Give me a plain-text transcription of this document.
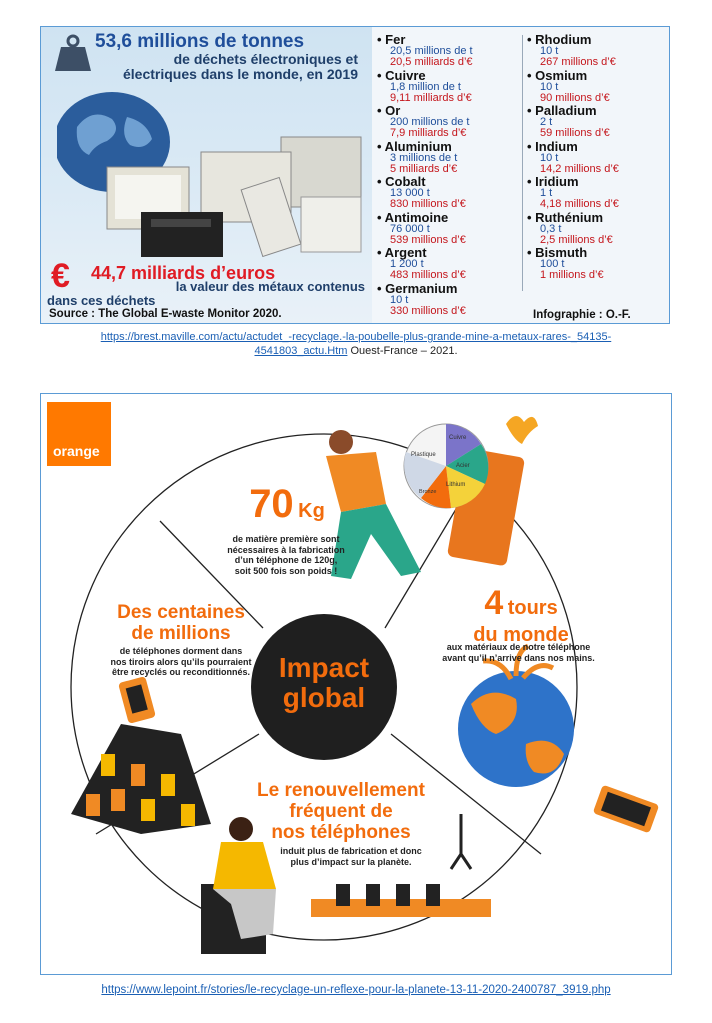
53,6 millions de tonnes
de déchets électroniques et
électriques dans le monde, en 2019
€ 44,7 milliards d’euros
la valeur des métaux contenus
dans ces déchets
Source : The Global E-waste Monitor 2020.
• Fer
20,5 millions de t
20,5 milliards d’€
• Cuivre
1,8 million de t
9,11 milliards d’€
• Or
200 millions de t
7,9 milliards d’€
• Aluminium
3 millions de t
5 milliards d’€
• Cobalt
13 000 t
830 millions d’€
• Antimoine
76 000 t
539 millions d’€
• Argent
1 200 t
483 millions d’€
• Germanium
10 t
330 millions d’€
• Rhodium
10 t
267 millions d’€
• Osmium
10 t
90 millions d’€
• Palladium
2 t
59 millions d’€
• Indium
10 t
14,2 millions d’€
• Iridium
1 t
4,18 millions d’€
• Ruthénium
0,3 t
2,5 millions d’€
• Bismuth
100 t
1 millions d’€
Infographie : O.-F.
https://brest.maville.com/actu/actudet_-recyclage.-la-poubelle-plus-grande-mine-a-metaux-rares-_54135-
4541803_actu.Htm Ouest-France – 2021.
orange	Plastique
Cuivre
Acier
Lithium
Bronze
70 Kg
de matière première sont
nécessaires à la fabrication
d’un téléphone de 120g,
soit 500 fois son poids !
Des centaines
de millions
de téléphones dorment dans
nos tiroirs alors qu’ils pourraient
être recyclés ou reconditionnés.
4 tours
du monde
aux matériaux de notre téléphone
avant qu’il n’arrive dans nos mains.
Impact
global
Le renouvellement
fréquent de
nos téléphones
induit plus de fabrication et donc
plus d’impact sur la planète.
https://www.lepoint.fr/stories/le-recyclage-un-reflexe-pour-la-planete-13-11-2020-2400787_3919.php
